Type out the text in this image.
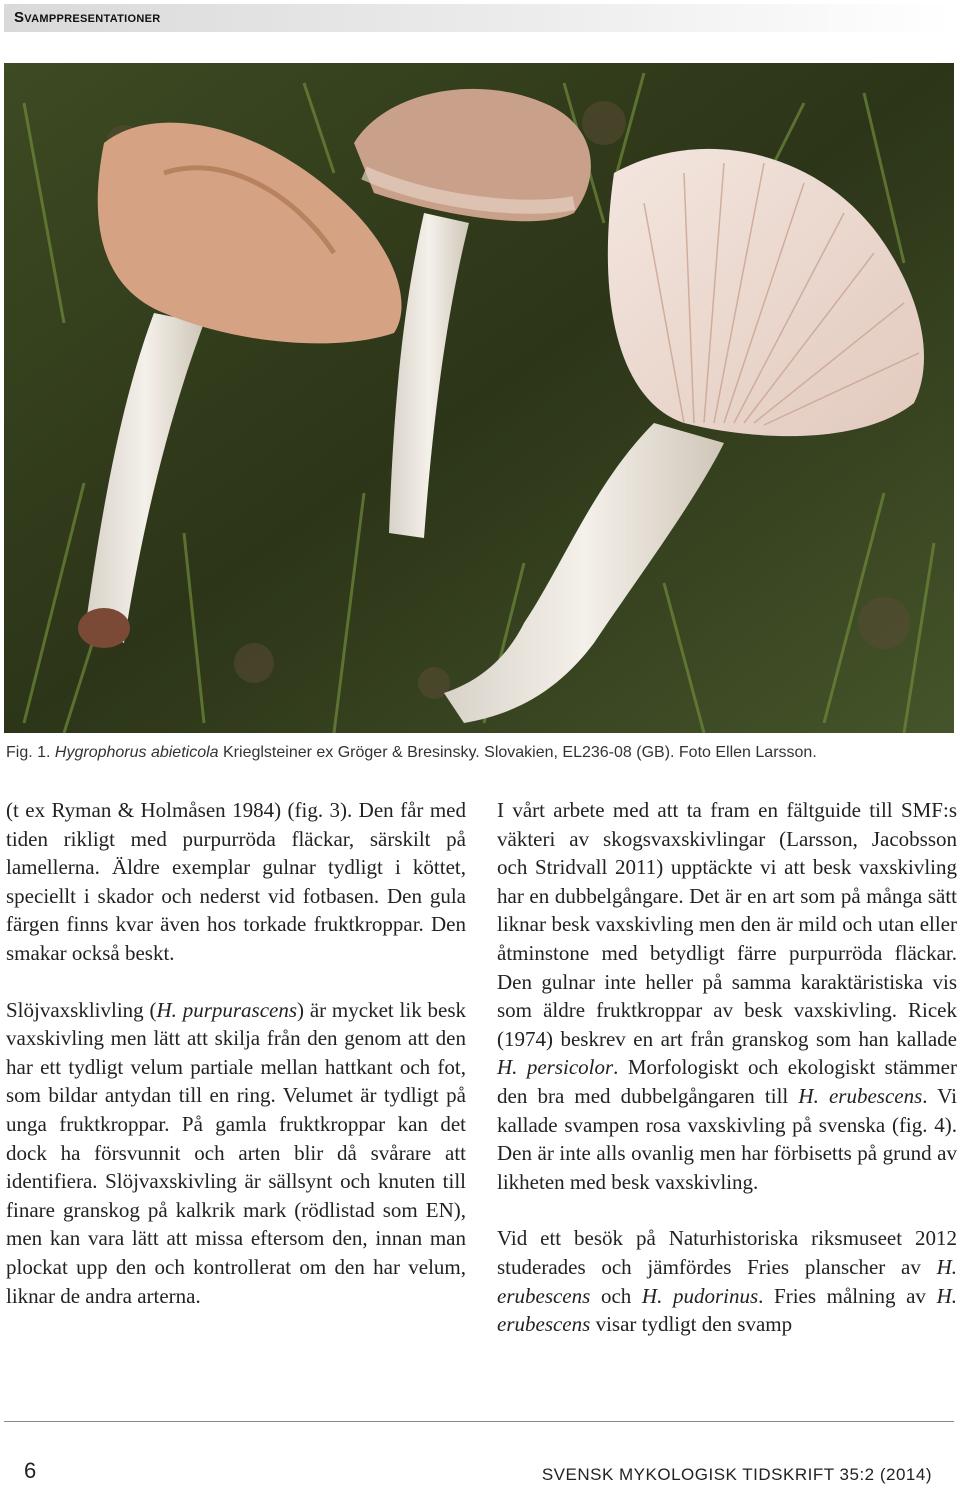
Svamppresentationer
Fig. 1. Hygrophorus abieticola Krieglsteiner ex Gröger & Bresinsky. Slovakien, EL236-08 (GB). Foto Ellen Larsson.

(t ex Ryman & Holmåsen 1984) (fig. 3). Den får med tiden rikligt med purpurröda fläckar, särskilt på lamellerna. Äldre exemplar gulnar tydligt i köttet, speciellt i skador och nederst vid fotbasen. Den gula färgen finns kvar även hos torkade fruktkroppar. Den smakar också beskt.

Slöjvaxsklivling (H. purpurascens) är mycket lik besk vaxskivling men lätt att skilja från den genom att den har ett tydligt velum partiale mellan hattkant och fot, som bildar antydan till en ring. Velumet är tydligt på unga fruktkroppar. På gamla fruktkroppar kan det dock ha försvunnit och arten blir då svårare att identifiera. Slöjvaxskivling är sällsynt och knuten till finare granskog på kalkrik mark (rödlistad som EN), men kan vara lätt att missa eftersom den, innan man plockat upp den och kontrollerat om den har velum, liknar de andra arterna.

I vårt arbete med att ta fram en fältguide till SMF:s väkteri av skogsvaxskivlingar (Larsson, Jacobsson och Stridvall 2011) upptäckte vi att besk vaxskivling har en dubbelgångare. Det är en art som på många sätt liknar besk vaxskivling men den är mild och utan eller åtminstone med betydligt färre purpurröda fläckar. Den gulnar inte heller på samma karaktäristiska vis som äldre fruktkroppar av besk vaxskivling. Ricek (1974) beskrev en art från granskog som han kallade H. persicolor. Morfologiskt och ekologiskt stämmer den bra med dubbelgångaren till H. erubescens. Vi kallade svampen rosa vaxskivling på svenska (fig. 4). Den är inte alls ovanlig men har förbisetts på grund av likheten med besk vaxskivling.

Vid ett besök på Naturhistoriska riksmuseet 2012 studerades och jämfördes Fries planscher av H. erubescens och H. pudorinus. Fries målning av H. erubescens visar tydligt den svamp

6	SVENSK MYKOLOGISK TIDSKRIFT 35:2 (2014)
